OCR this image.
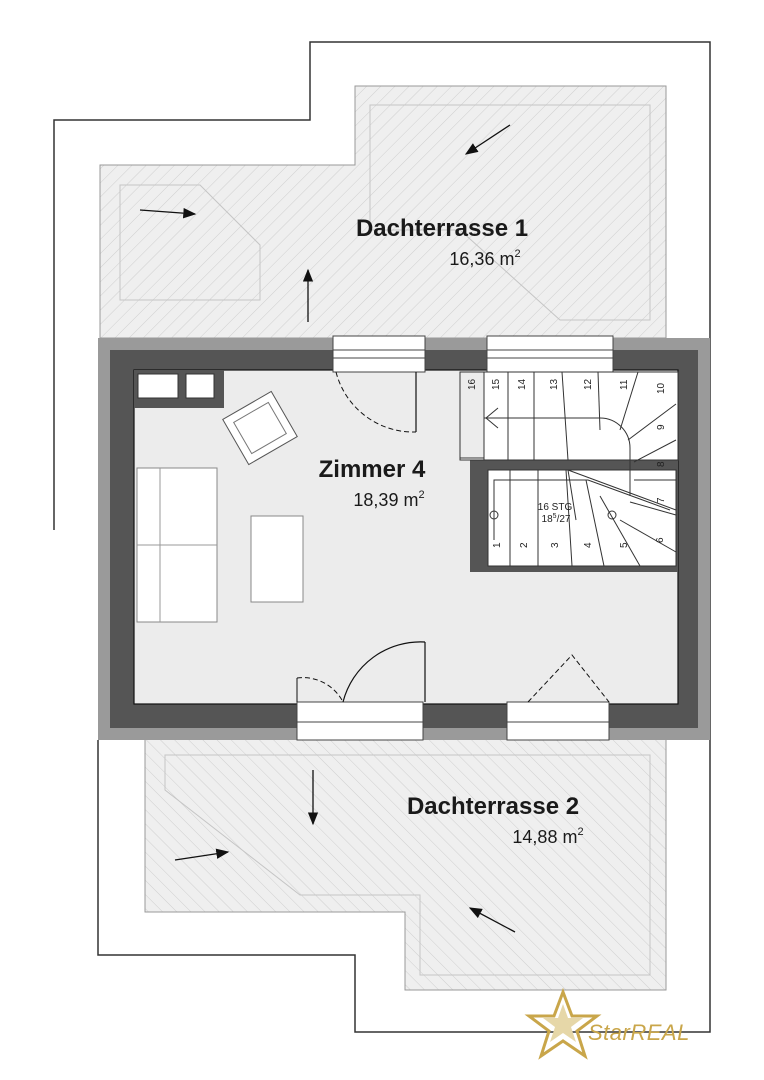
Dachterrasse 1
16,36 $m^2$
Dachterrasse 2
14,88 $m^2$
Zimmer 4
18,39 $m^2$
1 2 3 4	5
6
7
8
9
10
11
12
13
14
15
16
16 STG
$18^5/27$
StarREAL
